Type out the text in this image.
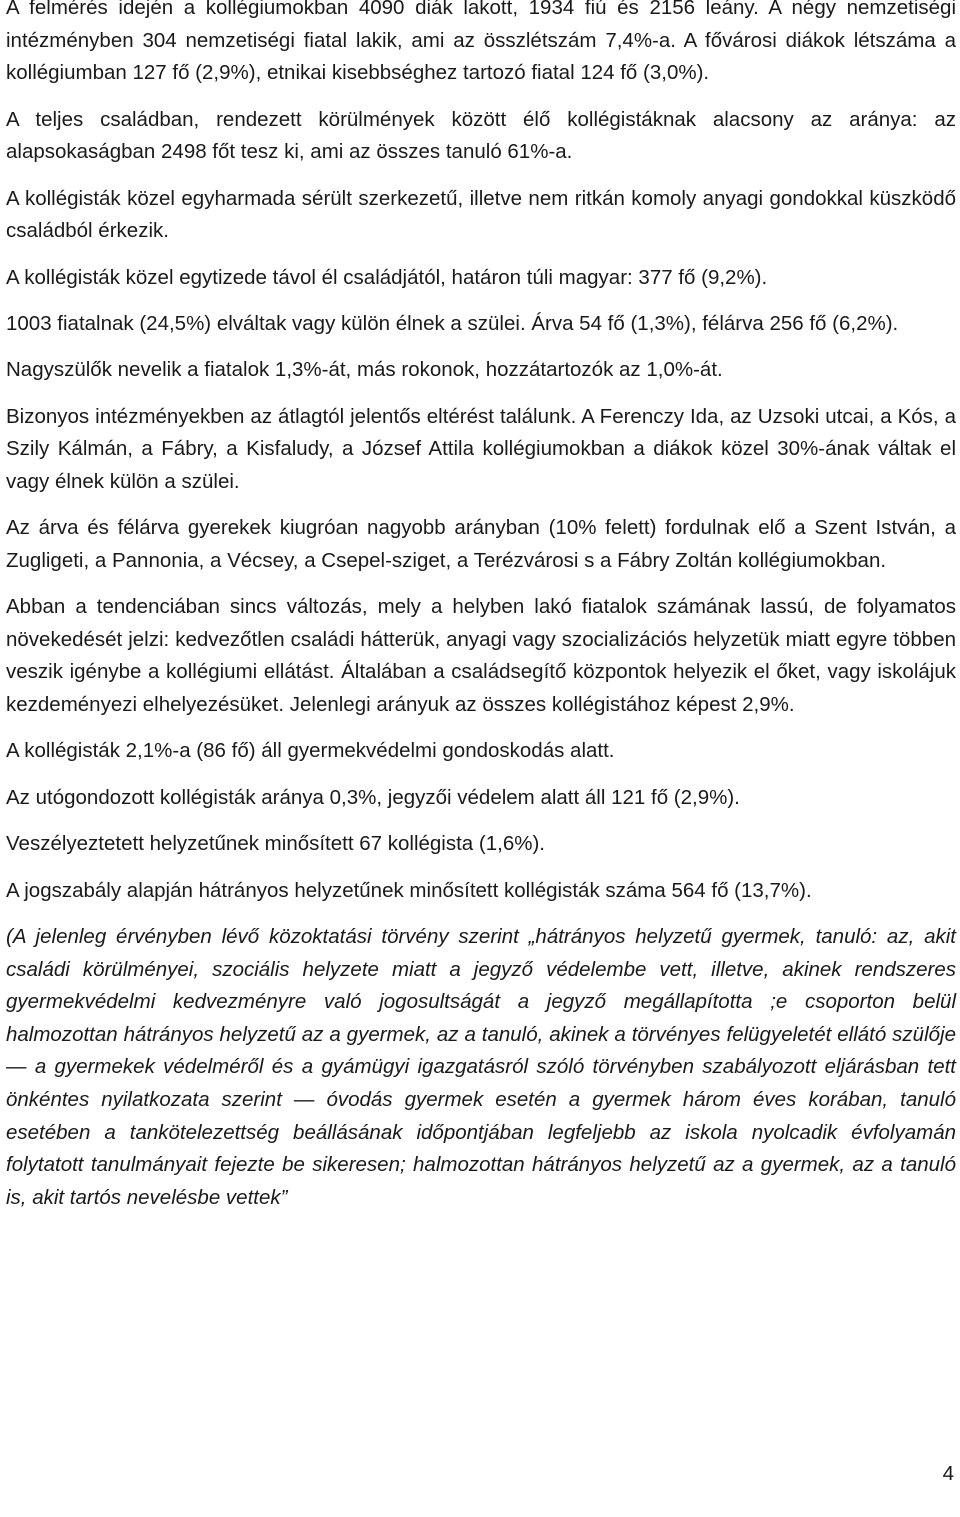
A felmérés idején a kollégiumokban 4090 diák lakott, 1934 fiú és 2156 leány. A négy nemzetiségi intézményben 304 nemzetiségi fiatal lakik, ami az összlétszám 7,4%-a. A fővárosi diákok létszáma a kollégiumban 127 fő (2,9%), etnikai kisebbséghez tartozó fiatal 124 fő (3,0%).

A teljes családban, rendezett körülmények között élő kollégistáknak alacsony az aránya: az alapsokaságban 2498 főt tesz ki, ami az összes tanuló 61%-a.

A kollégisták közel egyharmada sérült szerkezetű, illetve nem ritkán komoly anyagi gondokkal küszködő családból érkezik.

A kollégisták közel egytizede távol él családjától, határon túli magyar: 377 fő (9,2%).

1003 fiatalnak (24,5%) elváltak vagy külön élnek a szülei. Árva 54 fő (1,3%), félárva 256 fő (6,2%).

Nagyszülők nevelik a fiatalok 1,3%-át, más rokonok, hozzátartozók az 1,0%-át.

Bizonyos intézményekben az átlagtól jelentős eltérést találunk. A Ferenczy Ida, az Uzsoki utcai, a Kós, a Szily Kálmán, a Fábry, a Kisfaludy, a József Attila kollégiumokban a diákok közel 30%-ának váltak el vagy élnek külön a szülei.

Az árva és félárva gyerekek kiugróan nagyobb arányban (10% felett) fordulnak elő a Szent István, a Zugligeti, a Pannonia, a Vécsey, a Csepel-sziget, a Terézvárosi s a Fábry Zoltán kollégiumokban.

Abban a tendenciában sincs változás, mely a helyben lakó fiatalok számának lassú, de folyamatos növekedését jelzi: kedvezőtlen családi hátterük, anyagi vagy szocializációs helyzetük miatt egyre többen veszik igénybe a kollégiumi ellátást. Általában a családsegítő központok helyezik el őket, vagy iskolájuk kezdeményezi elhelyezésüket. Jelenlegi arányuk az összes kollégistához képest 2,9%.

A kollégisták 2,1%-a (86 fő) áll gyermekvédelmi gondoskodás alatt.

Az utógondozott kollégisták aránya 0,3%, jegyzői védelem alatt áll 121 fő (2,9%).

Veszélyeztetett helyzetűnek minősített 67 kollégista (1,6%).

A jogszabály alapján hátrányos helyzetűnek minősített kollégisták száma 564 fő (13,7%).

(A jelenleg érvényben lévő közoktatási törvény szerint „hátrányos helyzetű gyermek, tanuló: az, akit családi körülményei, szociális helyzete miatt a jegyző védelembe vett, illetve, akinek rendszeres gyermekvédelmi kedvezményre való jogosultságát a jegyző megállapította ;e csoporton belül halmozottan hátrányos helyzetű az a gyermek, az a tanuló, akinek a törvényes felügyeletét ellátó szülője — a gyermekek védelméről és a gyámügyi igazgatásról szóló törvényben szabályozott eljárásban tett önkéntes nyilatkozata szerint — óvodás gyermek esetén a gyermek három éves korában, tanuló esetében a tankötelezettség beállásának időpontjában legfeljebb az iskola nyolcadik évfolyamán folytatott tanulmányait fejezte be sikeresen; halmozottan hátrányos helyzetű az a gyermek, az a tanuló is, akit tartós nevelésbe vettek”

4
